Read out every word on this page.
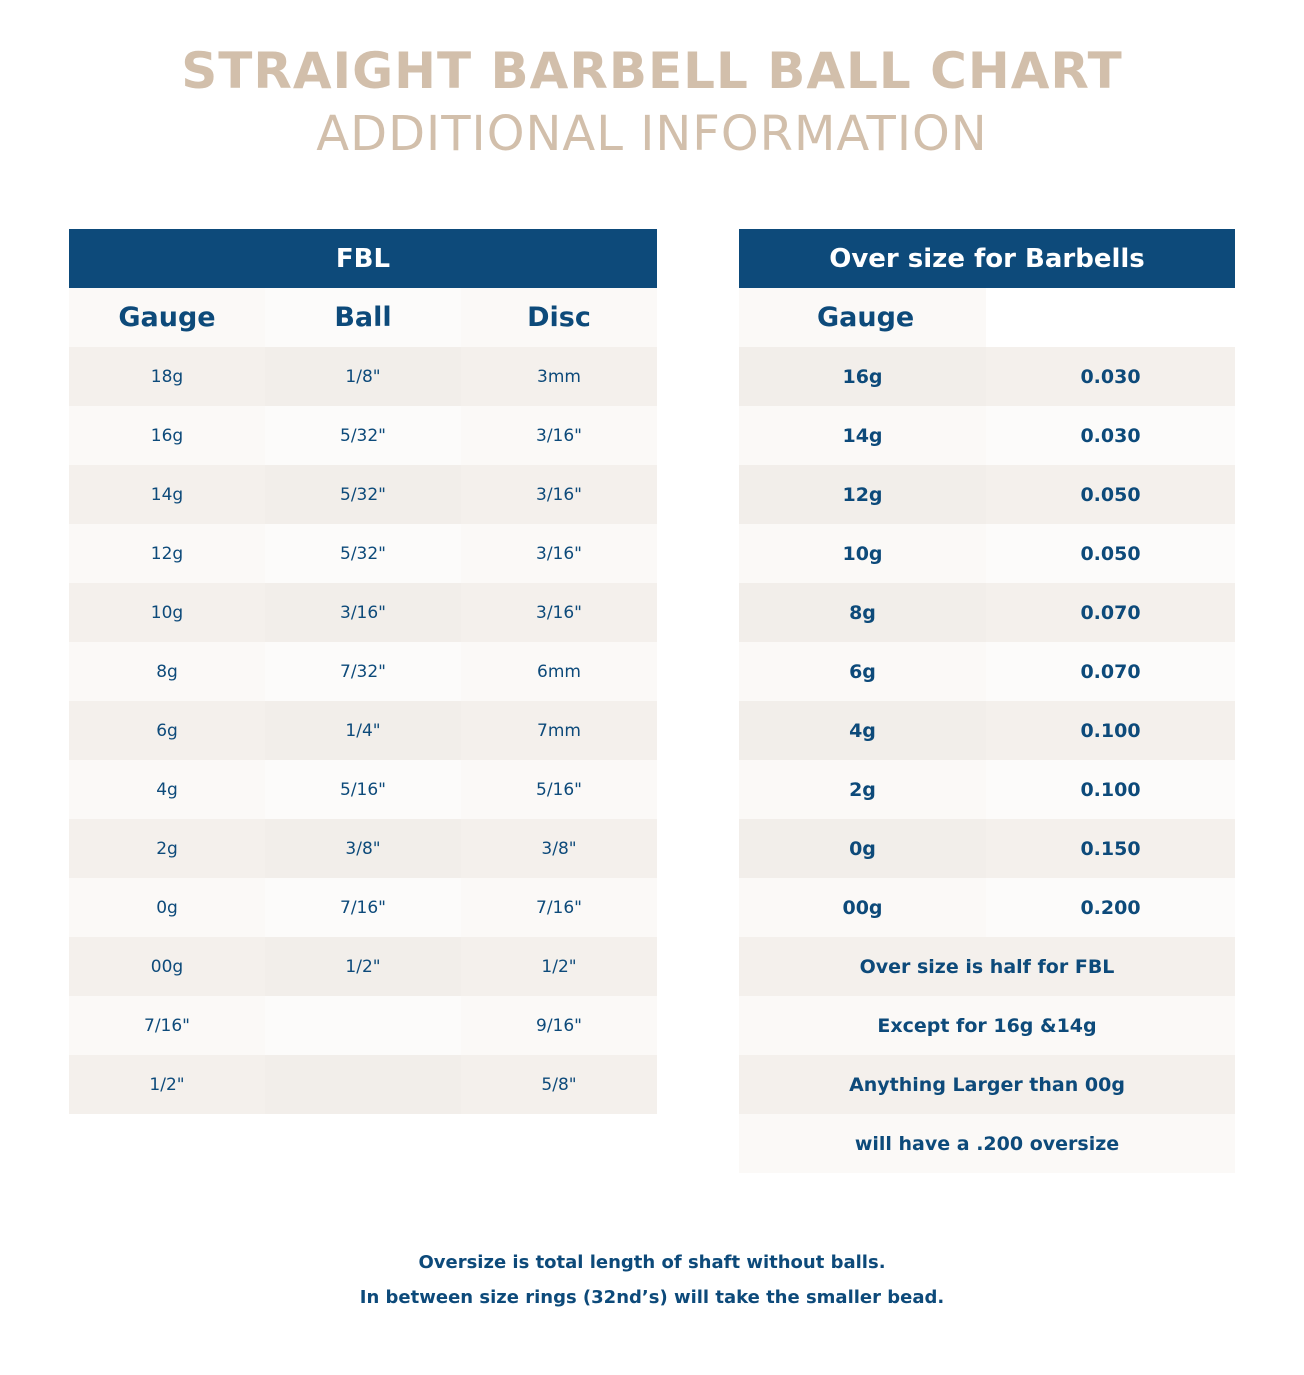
STRAIGHT BARBELL BALL CHART
ADDITIONAL INFORMATION
FBL		
Gauge	Ball	Disc
18g	1/8"	3mm
16g	5/32"	3/16"
14g	5/32"	3/16"
12g	5/32"	3/16"
10g	3/16"	3/16"
8g	7/32"	6mm
6g	1/4"	7mm
4g	5/16"	5/16"
2g	3/8"	3/8"
0g	7/16"	7/16"
00g	1/2"	1/2"
7/16"		9/16"
1/2"		5/8"
Over size for Barbells	
Gauge	
16g	0.030
14g	0.030
12g	0.050
10g	0.050
8g	0.070
6g	0.070
4g	0.100
2g	0.100
0g	0.150
00g	0.200
Over size is half for FBL	
Except for 16g &14g	
Anything Larger than 00g	
will have a .200 oversize	
Oversize is total length of shaft without balls.
In between size rings (32nd’s) will take the smaller bead.
